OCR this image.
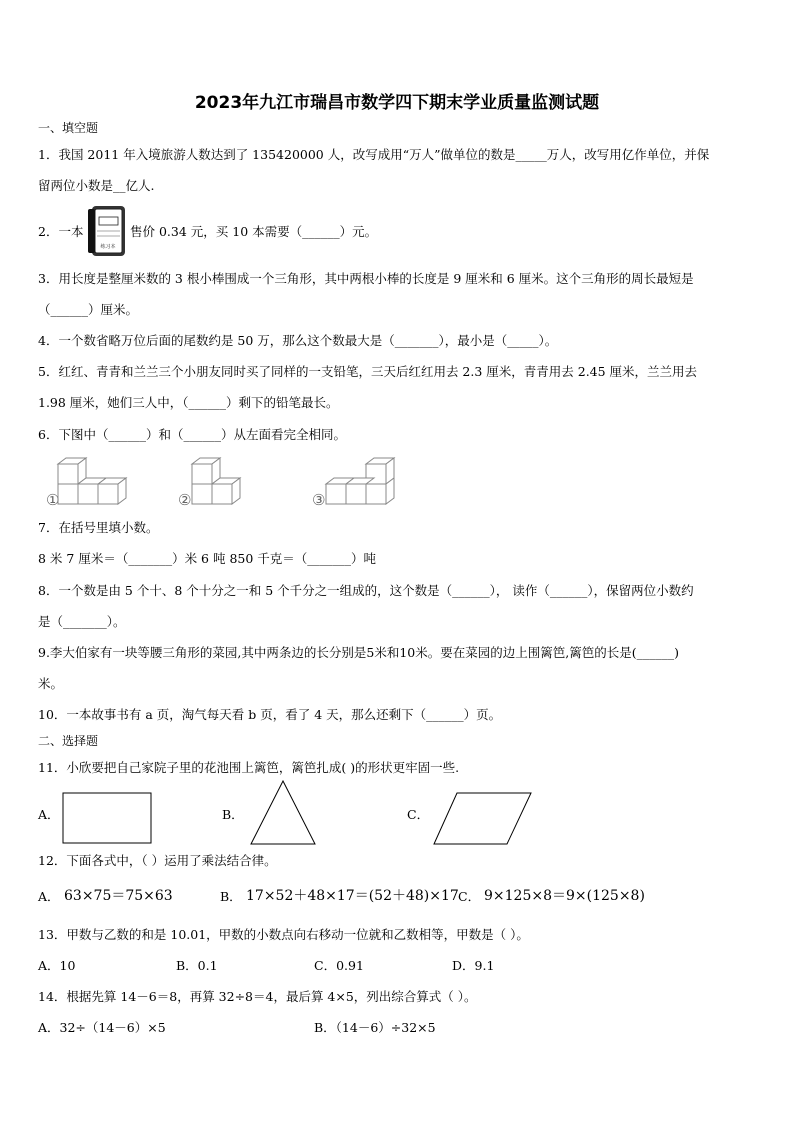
2023年九江市瑞昌市数学四下期末学业质量监测试题
一、填空题
1．我国 2011 年入境旅游人数达到了 135420000 人，改写成用“万人”做单位的数是_____万人，改写用亿作单位，并保
留两位小数是__亿人.
2．一本
练习本
售价 0.34 元，买 10 本需要（______）元。
3．用长度是整厘米数的 3 根小棒围成一个三角形，其中两根小棒的长度是 9 厘米和 6 厘米。这个三角形的周长最短是
（______）厘米。
4．一个数省略万位后面的尾数约是 50 万，那么这个数最大是（_______），最小是（_____）。
5．红红、青青和兰兰三个小朋友同时买了同样的一支铅笔，三天后红红用去 2.3 厘米，青青用去 2.45 厘米，兰兰用去
1.98 厘米，她们三人中，（______）剩下的铅笔最长。
6．下图中（______）和（______）从左面看完全相同。
①	②	③
7．在括号里填小数。
8 米 7 厘米＝（_______）米 6 吨 850 千克＝（_______）吨
8．一个数是由 5 个十、8 个十分之一和 5 个千分之一组成的，这个数是（______）， 读作（______），保留两位小数约
是（_______）。
9.李大伯家有一块等腰三角形的菜园,其中两条边的长分别是5米和10米。要在菜园的边上围篱笆,篱笆的长是(______)
米。
10．一本故事书有 a 页，淘气每天看 b 页，看了 4 天，那么还剩下（______）页。
二、选择题
11．小欣要把自己家院子里的花池围上篱笆，篱笆扎成( )的形状更牢固一些.
A．	B．	C．
12．下面各式中，（ ）运用了乘法结合律。
A． 63×75＝75×63	B． 17×52＋48×17＝(52＋48)×17 C． 9×125×8＝9×(125×8)
13．甲数与乙数的和是 10.01，甲数的小数点向右移动一位就和乙数相等，甲数是（ ）。
A．10	B．0.1	C．0.91	D．9.1
14．根据先算 14－6＝8，再算 32÷8＝4，最后算 4×5，列出综合算式（ ）。
A．32÷（14－6）×5	B．（14－6）÷32×5
